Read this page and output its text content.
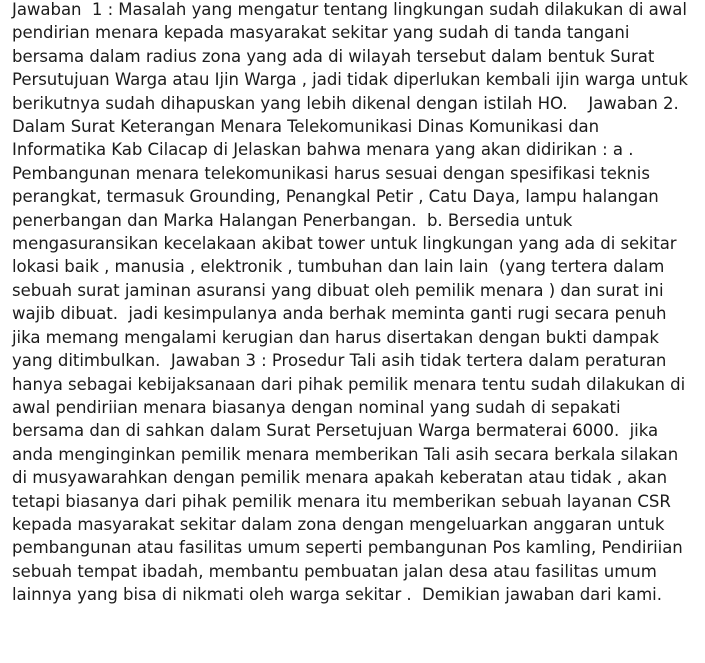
Jawaban  1 : Masalah yang mengatur tentang lingkungan sudah dilakukan di awal
pendirian menara kepada masyarakat sekitar yang sudah di tanda tangani
bersama dalam radius zona yang ada di wilayah tersebut dalam bentuk Surat
Persutujuan Warga atau Ijin Warga , jadi tidak diperlukan kembali ijin warga untuk
berikutnya sudah dihapuskan yang lebih dikenal dengan istilah HO.    Jawaban 2.
Dalam Surat Keterangan Menara Telekomunikasi Dinas Komunikasi dan
Informatika Kab Cilacap di Jelaskan bahwa menara yang akan didirikan : a .
Pembangunan menara telekomunikasi harus sesuai dengan spesifikasi teknis
perangkat, termasuk Grounding, Penangkal Petir , Catu Daya, lampu halangan
penerbangan dan Marka Halangan Penerbangan.  b. Bersedia untuk
mengasuransikan kecelakaan akibat tower untuk lingkungan yang ada di sekitar
lokasi baik , manusia , elektronik , tumbuhan dan lain lain  (yang tertera dalam
sebuah surat jaminan asuransi yang dibuat oleh pemilik menara ) dan surat ini
wajib dibuat.  jadi kesimpulanya anda berhak meminta ganti rugi secara penuh
jika memang mengalami kerugian dan harus disertakan dengan bukti dampak
yang ditimbulkan.  Jawaban 3 : Prosedur Tali asih tidak tertera dalam peraturan
hanya sebagai kebijaksanaan dari pihak pemilik menara tentu sudah dilakukan di
awal pendiriian menara biasanya dengan nominal yang sudah di sepakati
bersama dan di sahkan dalam Surat Persetujuan Warga bermaterai 6000.  jika
anda menginginkan pemilik menara memberikan Tali asih secara berkala silakan
di musyawarahkan dengan pemilik menara apakah keberatan atau tidak , akan
tetapi biasanya dari pihak pemilik menara itu memberikan sebuah layanan CSR
kepada masyarakat sekitar dalam zona dengan mengeluarkan anggaran untuk
pembangunan atau fasilitas umum seperti pembangunan Pos kamling, Pendiriian
sebuah tempat ibadah, membantu pembuatan jalan desa atau fasilitas umum
lainnya yang bisa di nikmati oleh warga sekitar .  Demikian jawaban dari kami.
